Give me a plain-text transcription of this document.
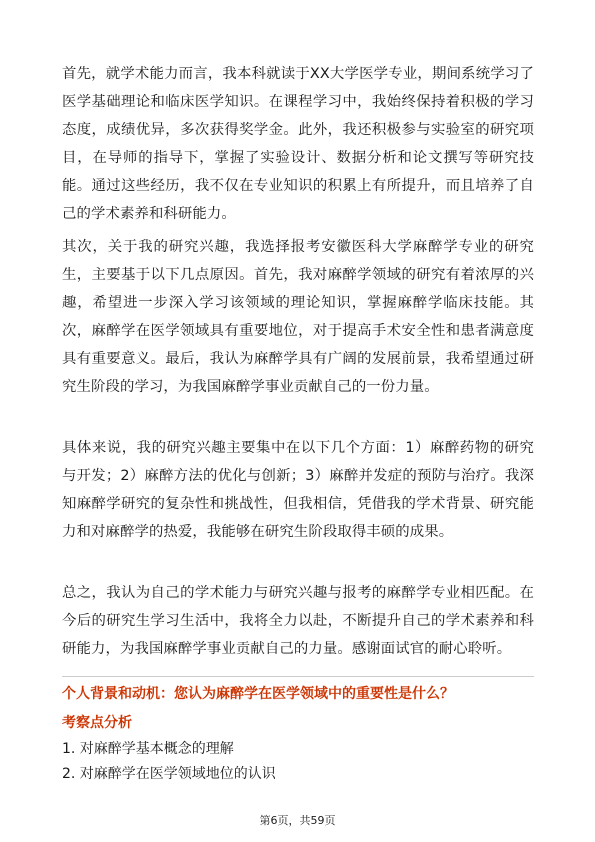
首先，就学术能力而言，我本科就读于XX大学医学专业，期间系统学习了医学基础理论和临床医学知识。在课程学习中，我始终保持着积极的学习态度，成绩优异，多次获得奖学金。此外，我还积极参与实验室的研究项目，在导师的指导下，掌握了实验设计、数据分析和论文撰写等研究技能。通过这些经历，我不仅在专业知识的积累上有所提升，而且培养了自己的学术素养和科研能力。

其次，关于我的研究兴趣，我选择报考安徽医科大学麻醉学专业的研究生，主要基于以下几点原因。首先，我对麻醉学领域的研究有着浓厚的兴趣，希望进一步深入学习该领域的理论知识，掌握麻醉学临床技能。其次，麻醉学在医学领域具有重要地位，对于提高手术安全性和患者满意度具有重要意义。最后，我认为麻醉学具有广阔的发展前景，我希望通过研究生阶段的学习，为我国麻醉学事业贡献自己的一份力量。

具体来说，我的研究兴趣主要集中在以下几个方面：1）麻醉药物的研究与开发；2）麻醉方法的优化与创新；3）麻醉并发症的预防与治疗。我深知麻醉学研究的复杂性和挑战性，但我相信，凭借我的学术背景、研究能力和对麻醉学的热爱，我能够在研究生阶段取得丰硕的成果。

总之，我认为自己的学术能力与研究兴趣与报考的麻醉学专业相匹配。在今后的研究生学习生活中，我将全力以赴，不断提升自己的学术素养和科研能力，为我国麻醉学事业贡献自己的力量。感谢面试官的耐心聆听。

个人背景和动机：您认为麻醉学在医学领域中的重要性是什么？

考察点分析

1. 对麻醉学基本概念的理解
2. 对麻醉学在医学领域地位的认识
第6页，共59页
